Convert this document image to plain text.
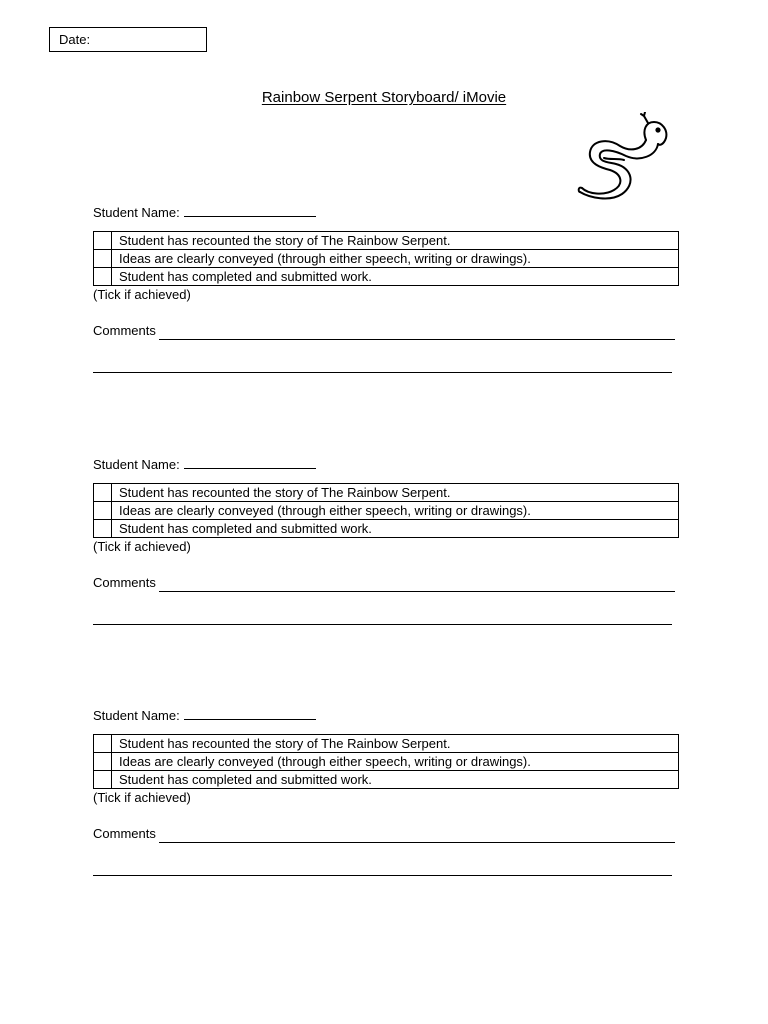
Date:
Rainbow Serpent Storyboard/ iMovie
Student Name:
	Student has recounted the story of The Rainbow Serpent.
	Ideas are clearly conveyed (through either speech, writing or drawings).
	Student has completed and submitted work.
(Tick if achieved)
Comments
Student Name:
	Student has recounted the story of The Rainbow Serpent.
	Ideas are clearly conveyed (through either speech, writing or drawings).
	Student has completed and submitted work.
(Tick if achieved)
Comments
Student Name:
	Student has recounted the story of The Rainbow Serpent.
	Ideas are clearly conveyed (through either speech, writing or drawings).
	Student has completed and submitted work.
(Tick if achieved)
Comments
